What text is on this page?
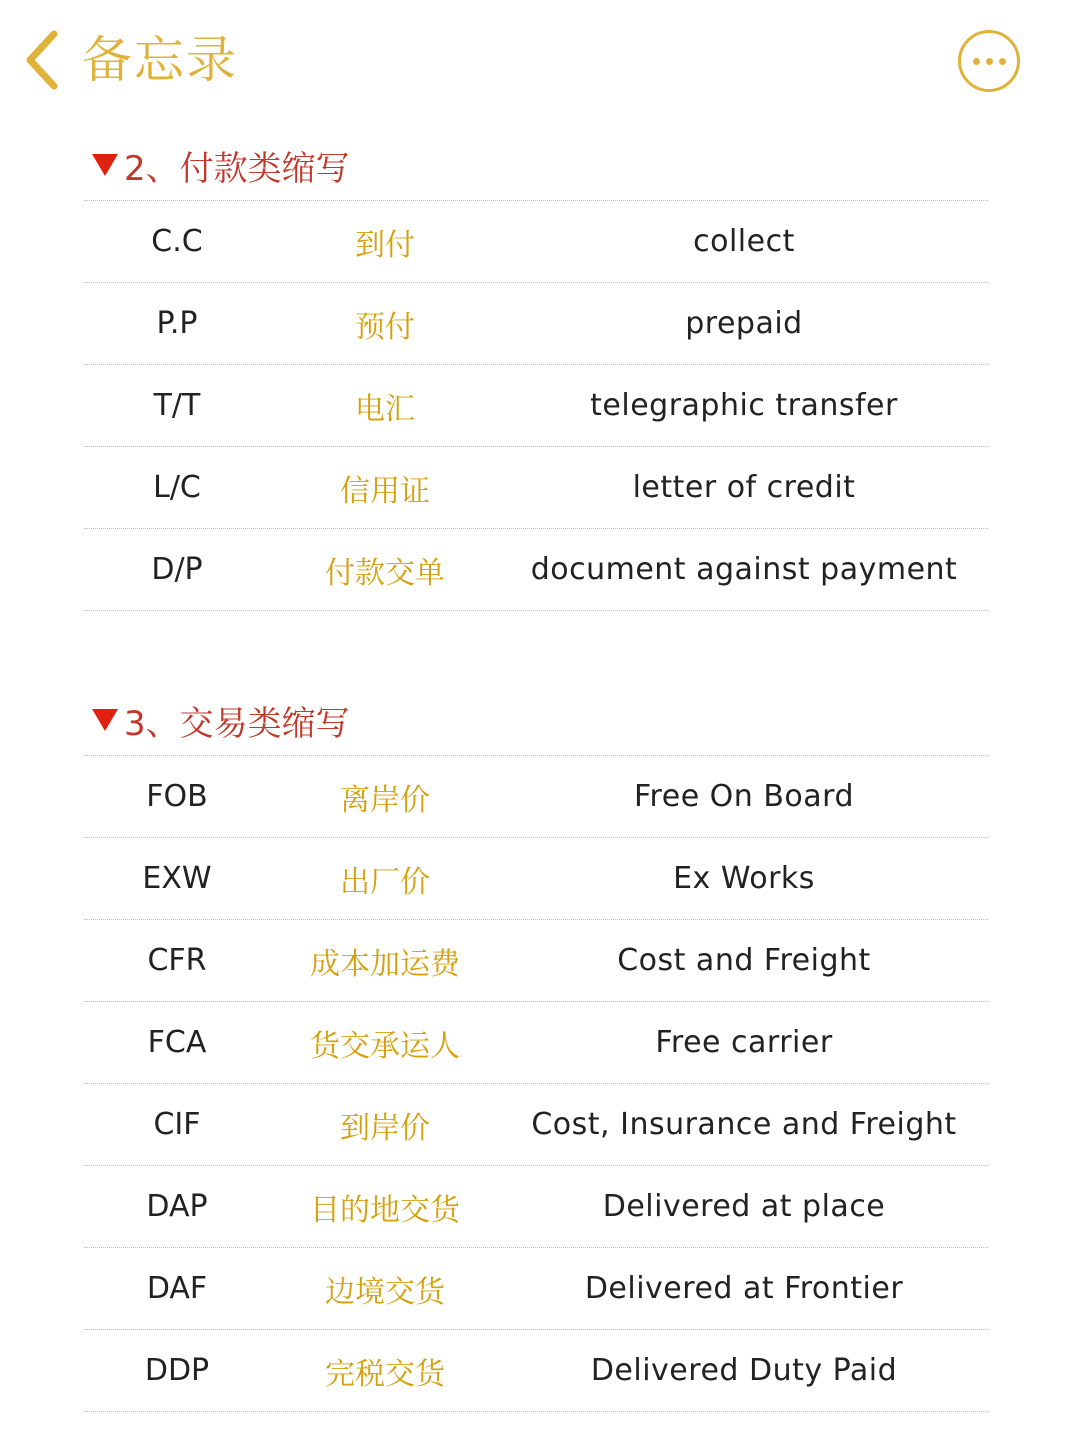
备忘录
2、付款类缩写
C.C	到付	collect
P.P	预付	prepaid
T/T	电汇	telegraphic transfer
L/C	信用证	letter of credit
D/P	付款交单	document against payment
3、交易类缩写
FOB	离岸价	Free On Board
EXW	出厂价	Ex Works
CFR	成本加运费	Cost and Freight
FCA	货交承运人	Free carrier
CIF	到岸价	Cost, Insurance and Freight
DAP	目的地交货	Delivered at place
DAF	边境交货	Delivered at Frontier
DDP	完税交货	Delivered Duty Paid
